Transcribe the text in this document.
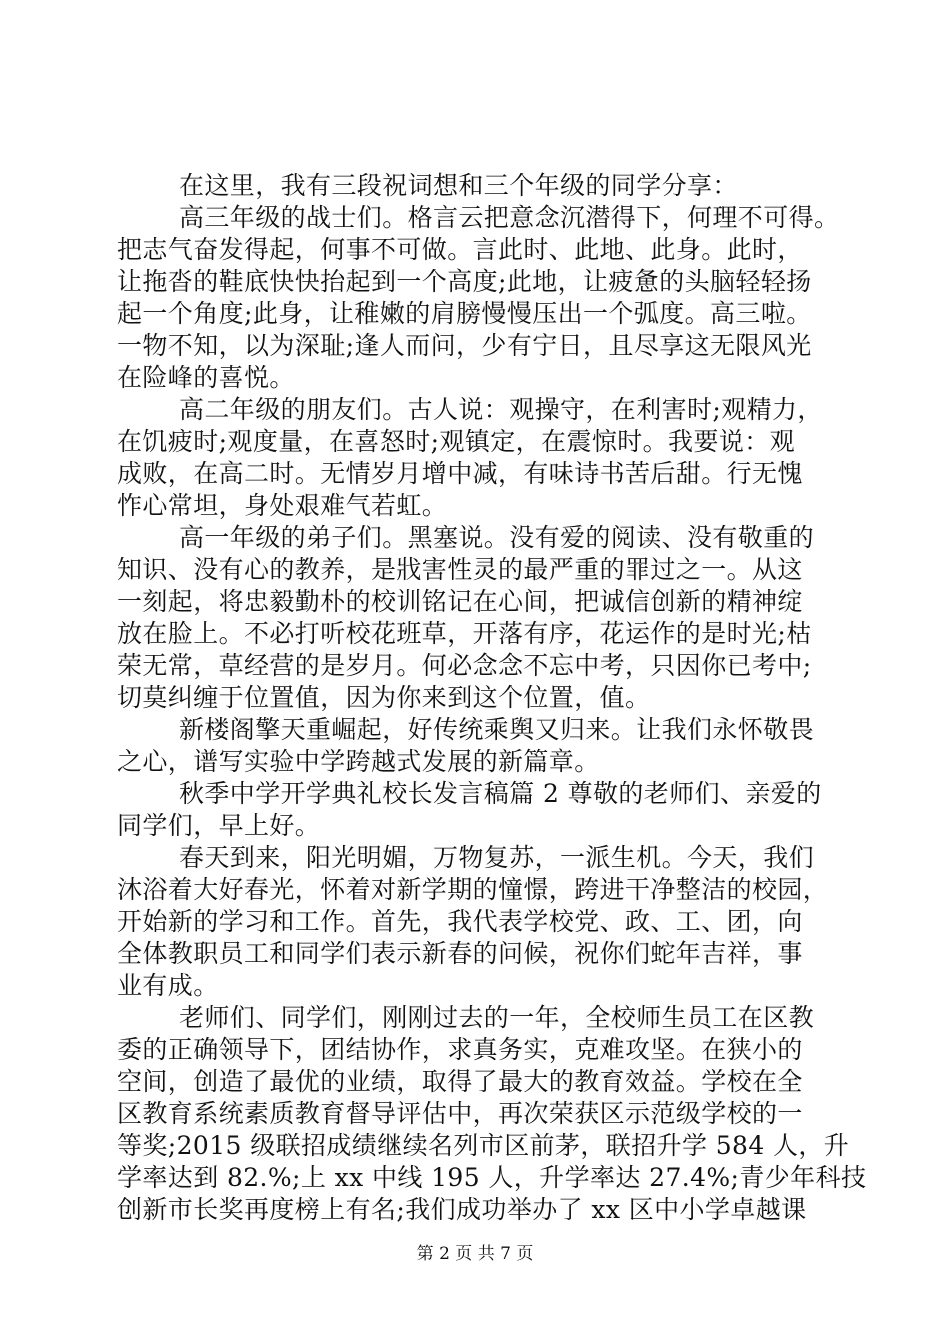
在这里，我有三段祝词想和三个年级的同学分享：
高三年级的战士们。格言云把意念沉潜得下，何理不可得。
把志气奋发得起，何事不可做。言此时、此地、此身。此时，
让拖沓的鞋底快快抬起到一个高度;此地，让疲惫的头脑轻轻扬
起一个角度;此身，让稚嫩的肩膀慢慢压出一个弧度。高三啦。
一物不知，以为深耻;逢人而问，少有宁日，且尽享这无限风光
在险峰的喜悦。
高二年级的朋友们。古人说：观操守，在利害时;观精力，
在饥疲时;观度量，在喜怒时;观镇定，在震惊时。我要说：观
成败，在高二时。无情岁月增中减，有味诗书苦后甜。行无愧
怍心常坦，身处艰难气若虹。
高一年级的弟子们。黑塞说。没有爱的阅读、没有敬重的
知识、没有心的教养，是戕害性灵的最严重的罪过之一。从这
一刻起，将忠毅勤朴的校训铭记在心间，把诚信创新的精神绽
放在脸上。不必打听校花班草，开落有序，花运作的是时光;枯
荣无常，草经营的是岁月。何必念念不忘中考，只因你已考中;
切莫纠缠于位置值，因为你来到这个位置，值。
新楼阁擎天重崛起，好传统乘舆又归来。让我们永怀敬畏
之心，谱写实验中学跨越式发展的新篇章。
秋季中学开学典礼校长发言稿篇 2 尊敬的老师们、亲爱的
同学们，早上好。
春天到来，阳光明媚，万物复苏，一派生机。今天，我们
沐浴着大好春光，怀着对新学期的憧憬，跨进干净整洁的校园，
开始新的学习和工作。首先，我代表学校党、政、工、团，向
全体教职员工和同学们表示新春的问候，祝你们蛇年吉祥，事
业有成。
老师们、同学们，刚刚过去的一年，全校师生员工在区教
委的正确领导下，团结协作，求真务实，克难攻坚。在狭小的
空间，创造了最优的业绩，取得了最大的教育效益。学校在全
区教育系统素质教育督导评估中，再次荣获区示范级学校的一
等奖;2015 级联招成绩继续名列市区前茅，联招升学 584 人，升
学率达到 82.%;上 xx 中线 195 人，升学率达 27.4%;青少年科技
创新市长奖再度榜上有名;我们成功举办了 xx 区中小学卓越课
第 2 页 共 7 页
